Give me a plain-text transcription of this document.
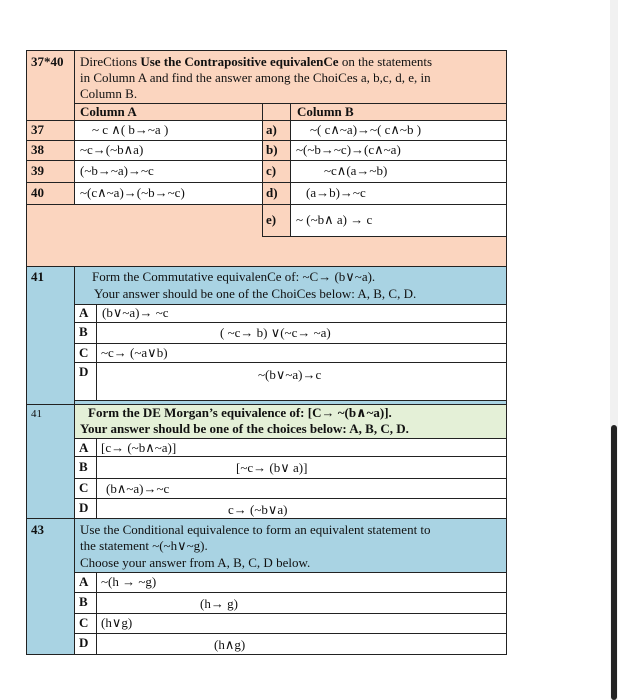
37*40 DireCtions Use the Contrapositive equivalenCe on the statements
in Column A and find the answer among the ChoiCes a, b,c, d, e, in
Column B.
Column A	Column B
37	~ c ∧( b→~a )	a)	~( c∧~a)→~( c∧~b )
38	~c→(~b∧a)	b) ~(~b→~c)→(c∧~a)
39	(~b→~a)→~c	c)	~c∧(a→~b)
40	~(c∧~a)→(~b→~c)	d) (a→b)→~c
e) ~ (~b∧ a) → c
41	Form the Commutative equivalenCe of: ~C→ (b∨~a).
Your answer should be one of the ChoiCes below: A, B, C, D.
A (b∨~a)→ ~c
B	( ~c→ b) ∨(~c→ ~a)
C ~c→ (~a∨b)
D	~(b∨~a)→c
41	Form the DE Morgan’s equivalence of: [C→ ~(b∧~a)].
Your answer should be one of the choices below: A, B, C, D.
A [c→ (~b∧~a)]
B	[~c→ (b∨ a)]
C (b∧~a)→~c
D	c→ (~b∨a)
43	Use the Conditional equivalence to form an equivalent statement to
the statement ~(~h∨~g).
Choose your answer from A, B, C, D below.
A ~(h → ~g)
B	(h→ g)
C (h∨g)
D	(h∧g)
